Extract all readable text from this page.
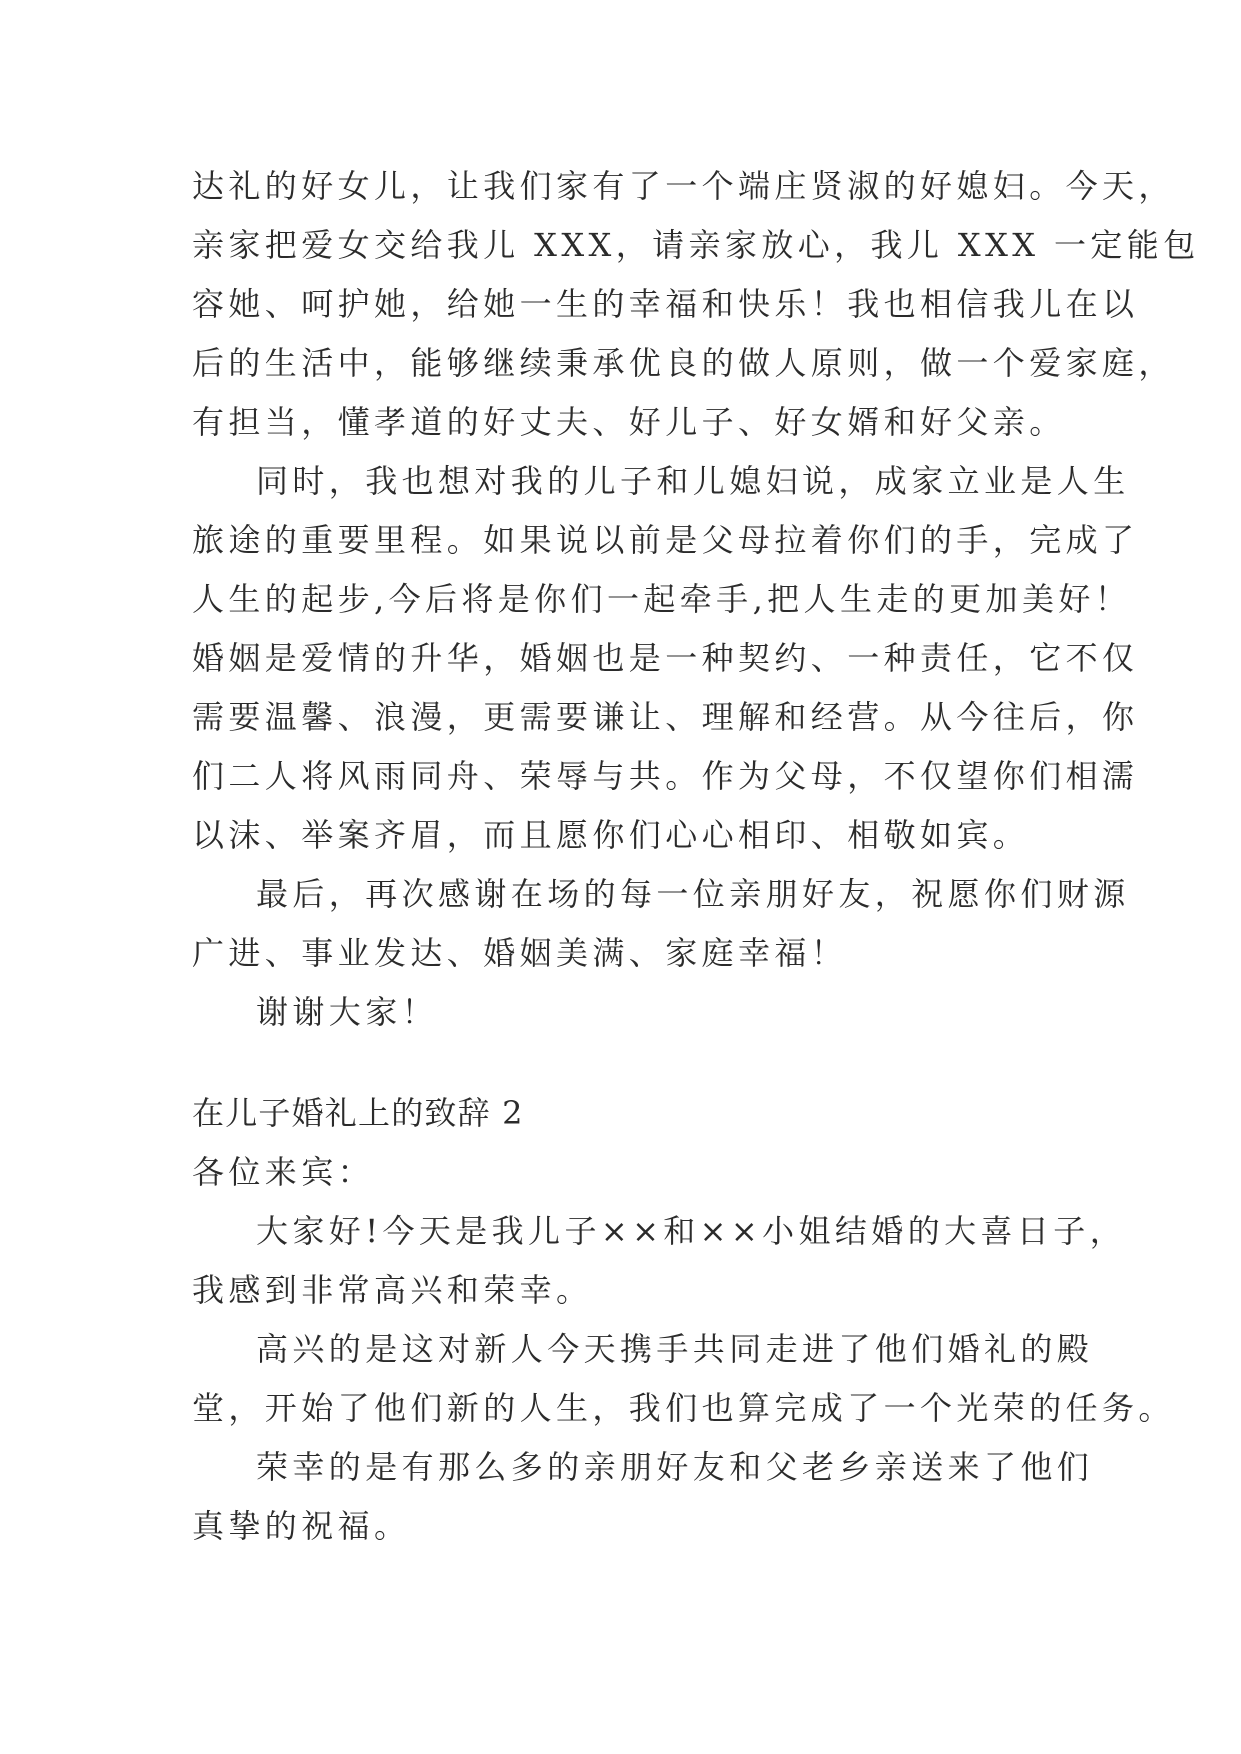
达礼的好女儿，让我们家有了一个端庄贤淑的好媳妇。今天，
亲家把爱女交给我儿 XXX，请亲家放心，我儿 XXX 一定能包
容她、呵护她，给她一生的幸福和快乐！我也相信我儿在以
后的生活中，能够继续秉承优良的做人原则，做一个爱家庭，
有担当，懂孝道的好丈夫、好儿子、好女婿和好父亲。
同时，我也想对我的儿子和儿媳妇说，成家立业是人生
旅途的重要里程。如果说以前是父母拉着你们的手，完成了
人生的起步,今后将是你们一起牵手,把人生走的更加美好！
婚姻是爱情的升华，婚姻也是一种契约、一种责任，它不仅
需要温馨、浪漫，更需要谦让、理解和经营。从今往后，你
们二人将风雨同舟、荣辱与共。作为父母，不仅望你们相濡
以沫、举案齐眉，而且愿你们心心相印、相敬如宾。
最后，再次感谢在场的每一位亲朋好友，祝愿你们财源
广进、事业发达、婚姻美满、家庭幸福！
谢谢大家！
在儿子婚礼上的致辞 2
各位来宾：
大家好!今天是我儿子××和××小姐结婚的大喜日子，
我感到非常高兴和荣幸。
高兴的是这对新人今天携手共同走进了他们婚礼的殿
堂，开始了他们新的人生，我们也算完成了一个光荣的任务。
荣幸的是有那么多的亲朋好友和父老乡亲送来了他们
真挚的祝福。
